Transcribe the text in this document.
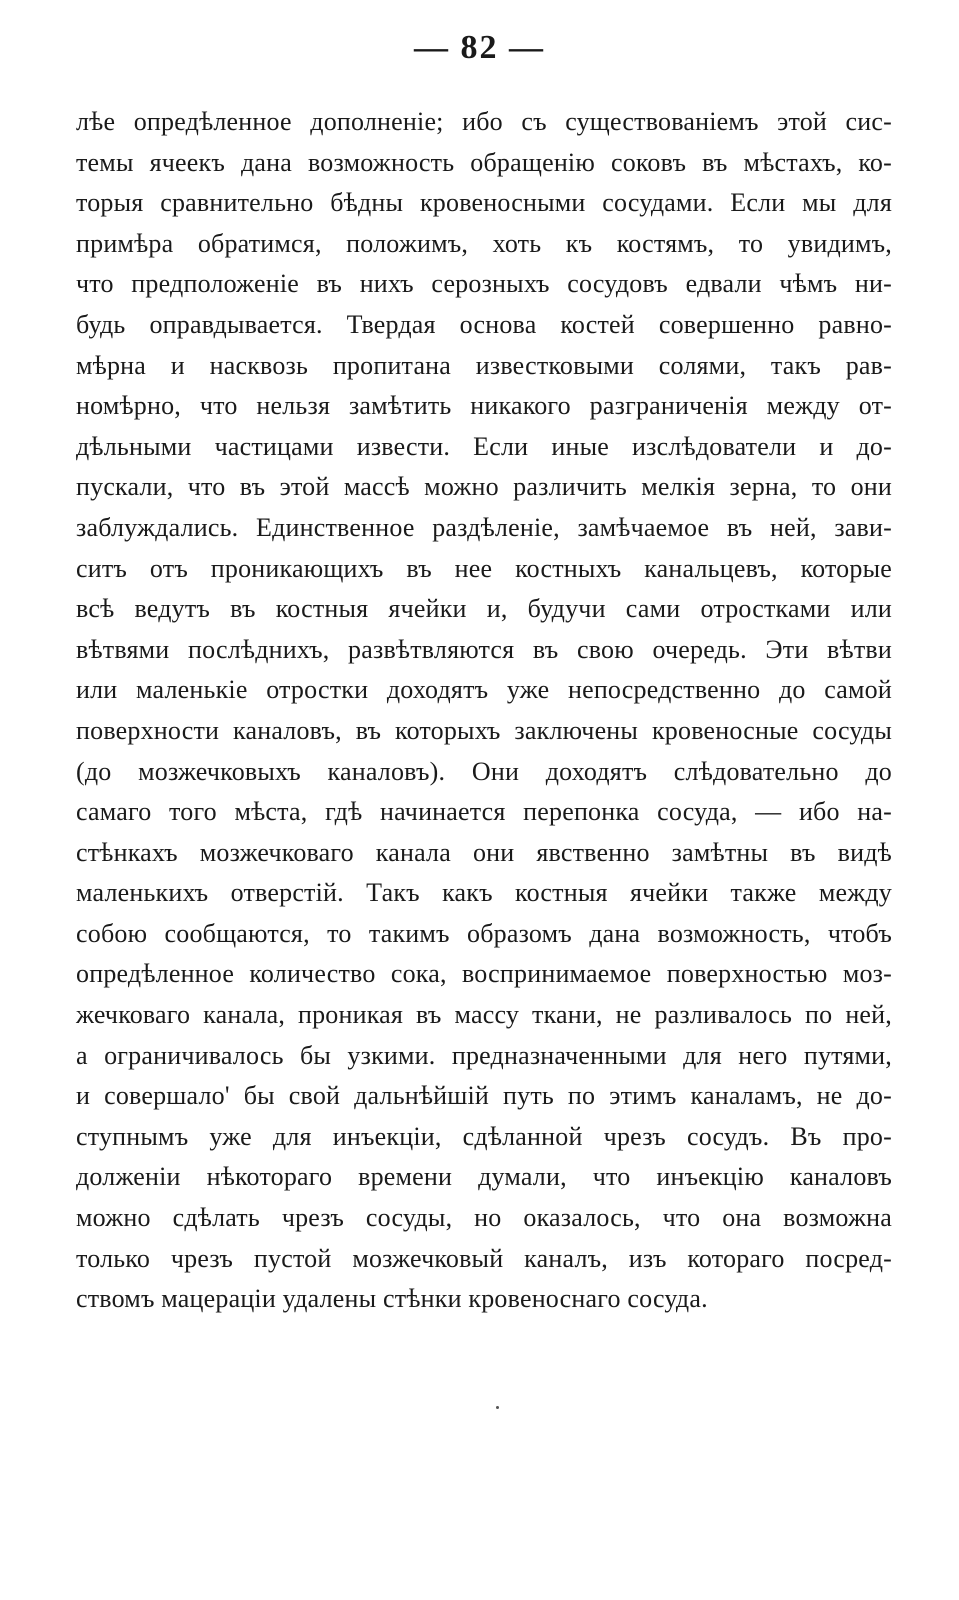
— 82 —
лѣе опредѣленное дополненіе; ибо съ существованіемъ этой сис-
темы ячеекъ дана возможность обращенію соковъ въ мѣстахъ, ко-
торыя сравнительно бѣдны кровеносными сосудами. Если мы для
примѣра обратимся, положимъ, хоть къ костямъ, то увидимъ,
что предположеніе въ нихъ серозныхъ сосудовъ едвали чѣмъ ни-
будь оправдывается. Твердая основа костей совершенно равно-
мѣрна и насквозь пропитана известковыми солями, такъ рав-
номѣрно, что нельзя замѣтить никакого разграниченія между от-
дѣльными частицами извести. Если иные изслѣдователи и до-
пускали, что въ этой массѣ можно различить мелкія зерна, то они
заблуждались. Единственное раздѣленіе, замѣчаемое въ ней, зави-
ситъ отъ проникающихъ въ нее костныхъ канальцевъ, которые
всѣ ведутъ въ костныя ячейки и, будучи сами отростками или
вѣтвями послѣднихъ, развѣтвляются въ свою очередь. Эти вѣтви
или маленькіе отростки доходятъ уже непосредственно до самой
поверхности каналовъ, въ которыхъ заключены кровеносные сосуды
(до мозжечковыхъ каналовъ). Они доходятъ слѣдовательно до
самаго того мѣста, гдѣ начинается перепонка сосуда, — ибо на-
стѣнкахъ мозжечковаго канала они явственно замѣтны въ видѣ
маленькихъ отверстій. Такъ какъ костныя ячейки также между
собою сообщаются, то такимъ образомъ дана возможность, чтобъ
опредѣленное количество сока, воспринимаемое поверхностью моз-
жечковаго канала, проникая въ массу ткани, не разливалось по ней,
а ограничивалось бы узкими. предназначенными для него путями,
и совершало' бы свой дальнѣйшій путь по этимъ каналамъ, не до-
ступнымъ уже для инъекціи, сдѣланной чрезъ сосудъ. Въ про-
долженіи нѣкотораго времени думали, что инъекцію каналовъ
можно сдѣлать чрезъ сосуды, но оказалось, что она возможна
только чрезъ пустой мозжечковый каналъ, изъ котораго посред-
ствомъ мацераціи удалены стѣнки кровеноснаго сосуда.
